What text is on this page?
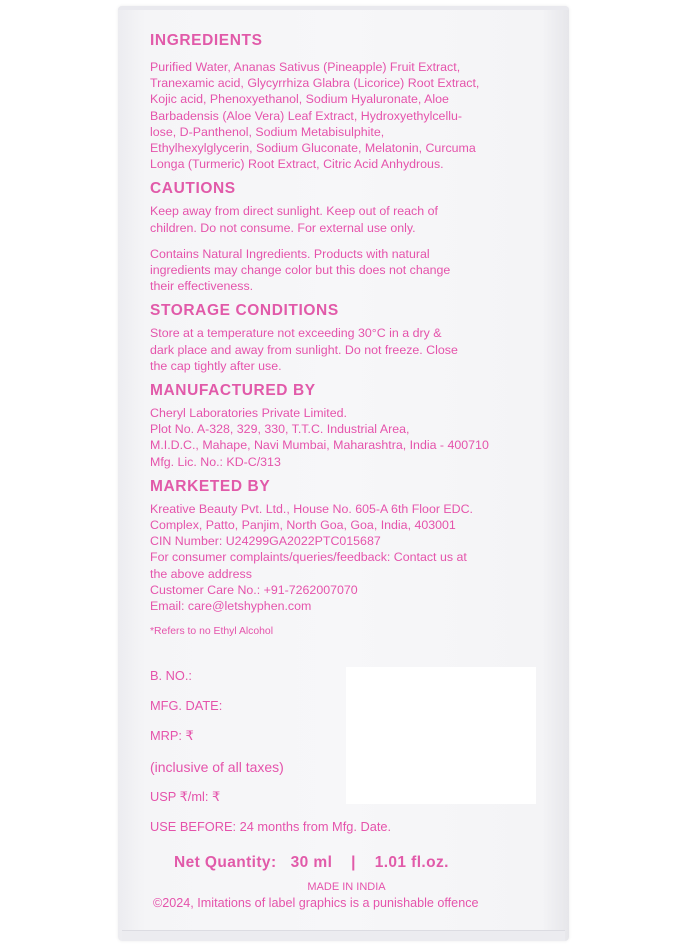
INGREDIENTS

Purified Water, Ananas Sativus (Pineapple) Fruit Extract,

Tranexamic acid, Glycyrrhiza Glabra (Licorice) Root Extract,

Kojic acid, Phenoxyethanol, Sodium Hyaluronate, Aloe

Barbadensis (Aloe Vera) Leaf Extract, Hydroxyethylcellu-

lose, D-Panthenol, Sodium Metabisulphite,

Ethylhexylglycerin, Sodium Gluconate, Melatonin, Curcuma

Longa (Turmeric) Root Extract, Citric Acid Anhydrous.

CAUTIONS

Keep away from direct sunlight. Keep out of reach of

children. Do not consume. For external use only.

Contains Natural Ingredients. Products with natural

ingredients may change color but this does not change

their effectiveness.

STORAGE CONDITIONS

Store at a temperature not exceeding 30°C in a dry &

dark place and away from sunlight. Do not freeze. Close

the cap tightly after use.

MANUFACTURED BY

Cheryl Laboratories Private Limited.

Plot No. A-328, 329, 330, T.T.C. Industrial Area,

M.I.D.C., Mahape, Navi Mumbai, Maharashtra, India - 400710

Mfg. Lic. No.: KD-C/313

MARKETED BY

Kreative Beauty Pvt. Ltd., House No. 605-A 6th Floor EDC.

Complex, Patto, Panjim, North Goa, Goa, India, 403001

CIN Number: U24299GA2022PTC015687

For consumer complaints/queries/feedback: Contact us at

the above address

Customer Care No.: +91-7262007070

Email: care@letshyphen.com

*Refers to no Ethyl Alcohol

B. NO.:
MFG. DATE:
MRP: ₹
(inclusive of all taxes)
USP ₹/ml: ₹
USE BEFORE: 24 months from Mfg. Date.
Net Quantity:
30 ml
|
1.01 fl.oz.
MADE IN INDIA
©2024, Imitations of label graphics is a punishable offence
